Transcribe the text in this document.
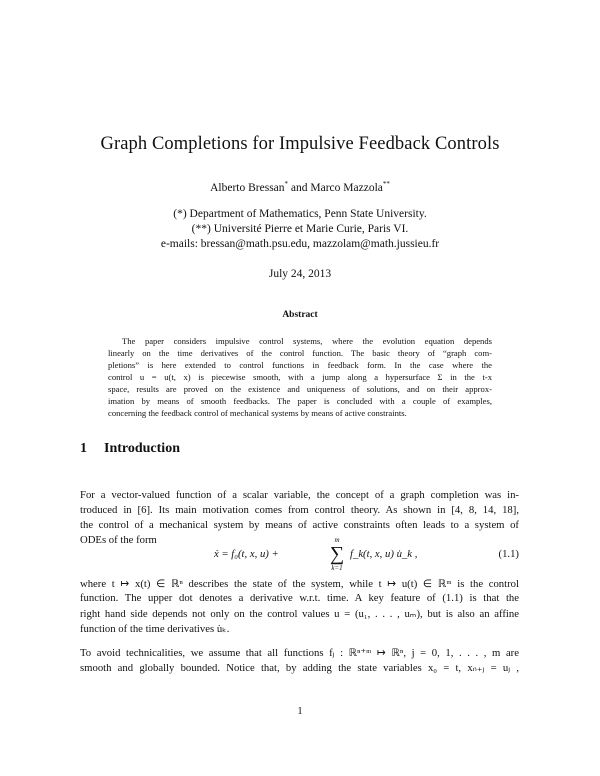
Graph Completions for Impulsive Feedback Controls
Alberto Bressan* and Marco Mazzola**
(*) Department of Mathematics, Penn State University.
(**) Université Pierre et Marie Curie, Paris VI.
e-mails: bressan@math.psu.edu, mazzolam@math.jussieu.fr
July 24, 2013
Abstract
The paper considers impulsive control systems, where the evolution equation depends
linearly on the time derivatives of the control function. The basic theory of “graph com-
pletions” is here extended to control functions in feedback form. In the case where the
control u = u(t, x) is piecewise smooth, with a jump along a hypersurface Σ in the t-x
space, results are proved on the existence and uniqueness of solutions, and on their approx-
imation by means of smooth feedbacks. The paper is concluded with a couple of examples,
concerning the feedback control of mechanical systems by means of active constraints.
1 Introduction
For a vector-valued function of a scalar variable, the concept of a graph completion was in-
troduced in [6]. Its main motivation comes from control theory. As shown in [4, 8, 14, 18],
the control of a mechanical system by means of active constraints often leads to a system of
ODEs of the form
ẋ = f₀(t, x, u) +
m
∑
k=1
f_k(t, x, u) u̇_k ,	(1.1)
where t ↦ x(t) ∈ ℝⁿ describes the state of the system, while t ↦ u(t) ∈ ℝᵐ is the control
function. The upper dot denotes a derivative w.r.t. time. A key feature of (1.1) is that the
right hand side depends not only on the control values u = (u₁, . . . , uₘ), but is also an affine
function of the time derivatives u̇ₖ.
To avoid technicalities, we assume that all functions fⱼ : ℝⁿ⁺ᵐ ↦ ℝⁿ, j = 0, 1, . . . , m are
smooth and globally bounded. Notice that, by adding the state variables x₀ = t, xₙ₊ⱼ = uⱼ ,
1
